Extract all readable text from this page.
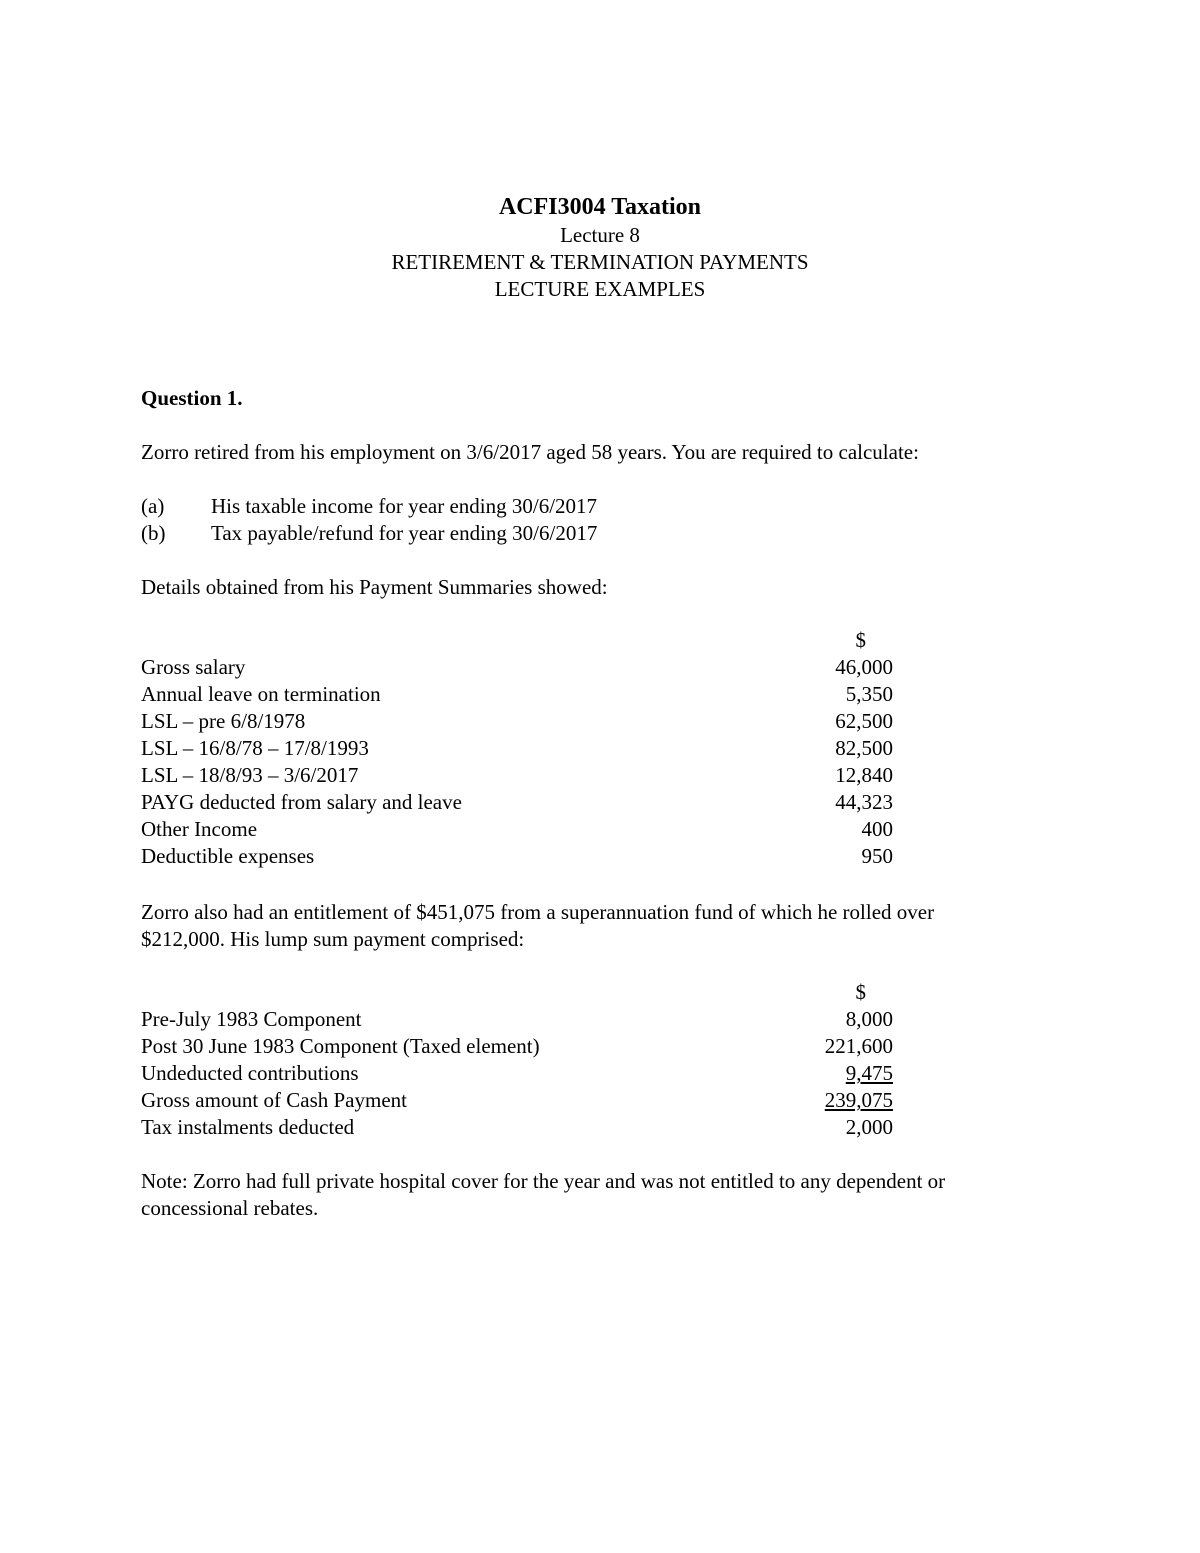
ACFI3004 Taxation
Lecture 8
RETIREMENT & TERMINATION PAYMENTS
LECTURE EXAMPLES
Question 1.
Zorro retired from his employment on 3/6/2017 aged 58 years. You are required to calculate:
(a)	His taxable income for year ending 30/6/2017
(b)	Tax payable/refund for year ending 30/6/2017
Details obtained from his Payment Summaries showed:
$
Gross salary	46,000
Annual leave on termination	5,350
LSL – pre 6/8/1978	62,500
LSL – 16/8/78 – 17/8/1993	82,500
LSL – 18/8/93 – 3/6/2017	12,840
PAYG deducted from salary and leave	44,323
Other Income	400
Deductible expenses	950
Zorro also had an entitlement of $451,075 from a superannuation fund of which he rolled over
$212,000. His lump sum payment comprised:
$
Pre-July 1983 Component	8,000
Post 30 June 1983 Component (Taxed element)	221,600
Undeducted contributions	9,475
Gross amount of Cash Payment	239,075
Tax instalments deducted	2,000
Note: Zorro had full private hospital cover for the year and was not entitled to any dependent or
concessional rebates.
